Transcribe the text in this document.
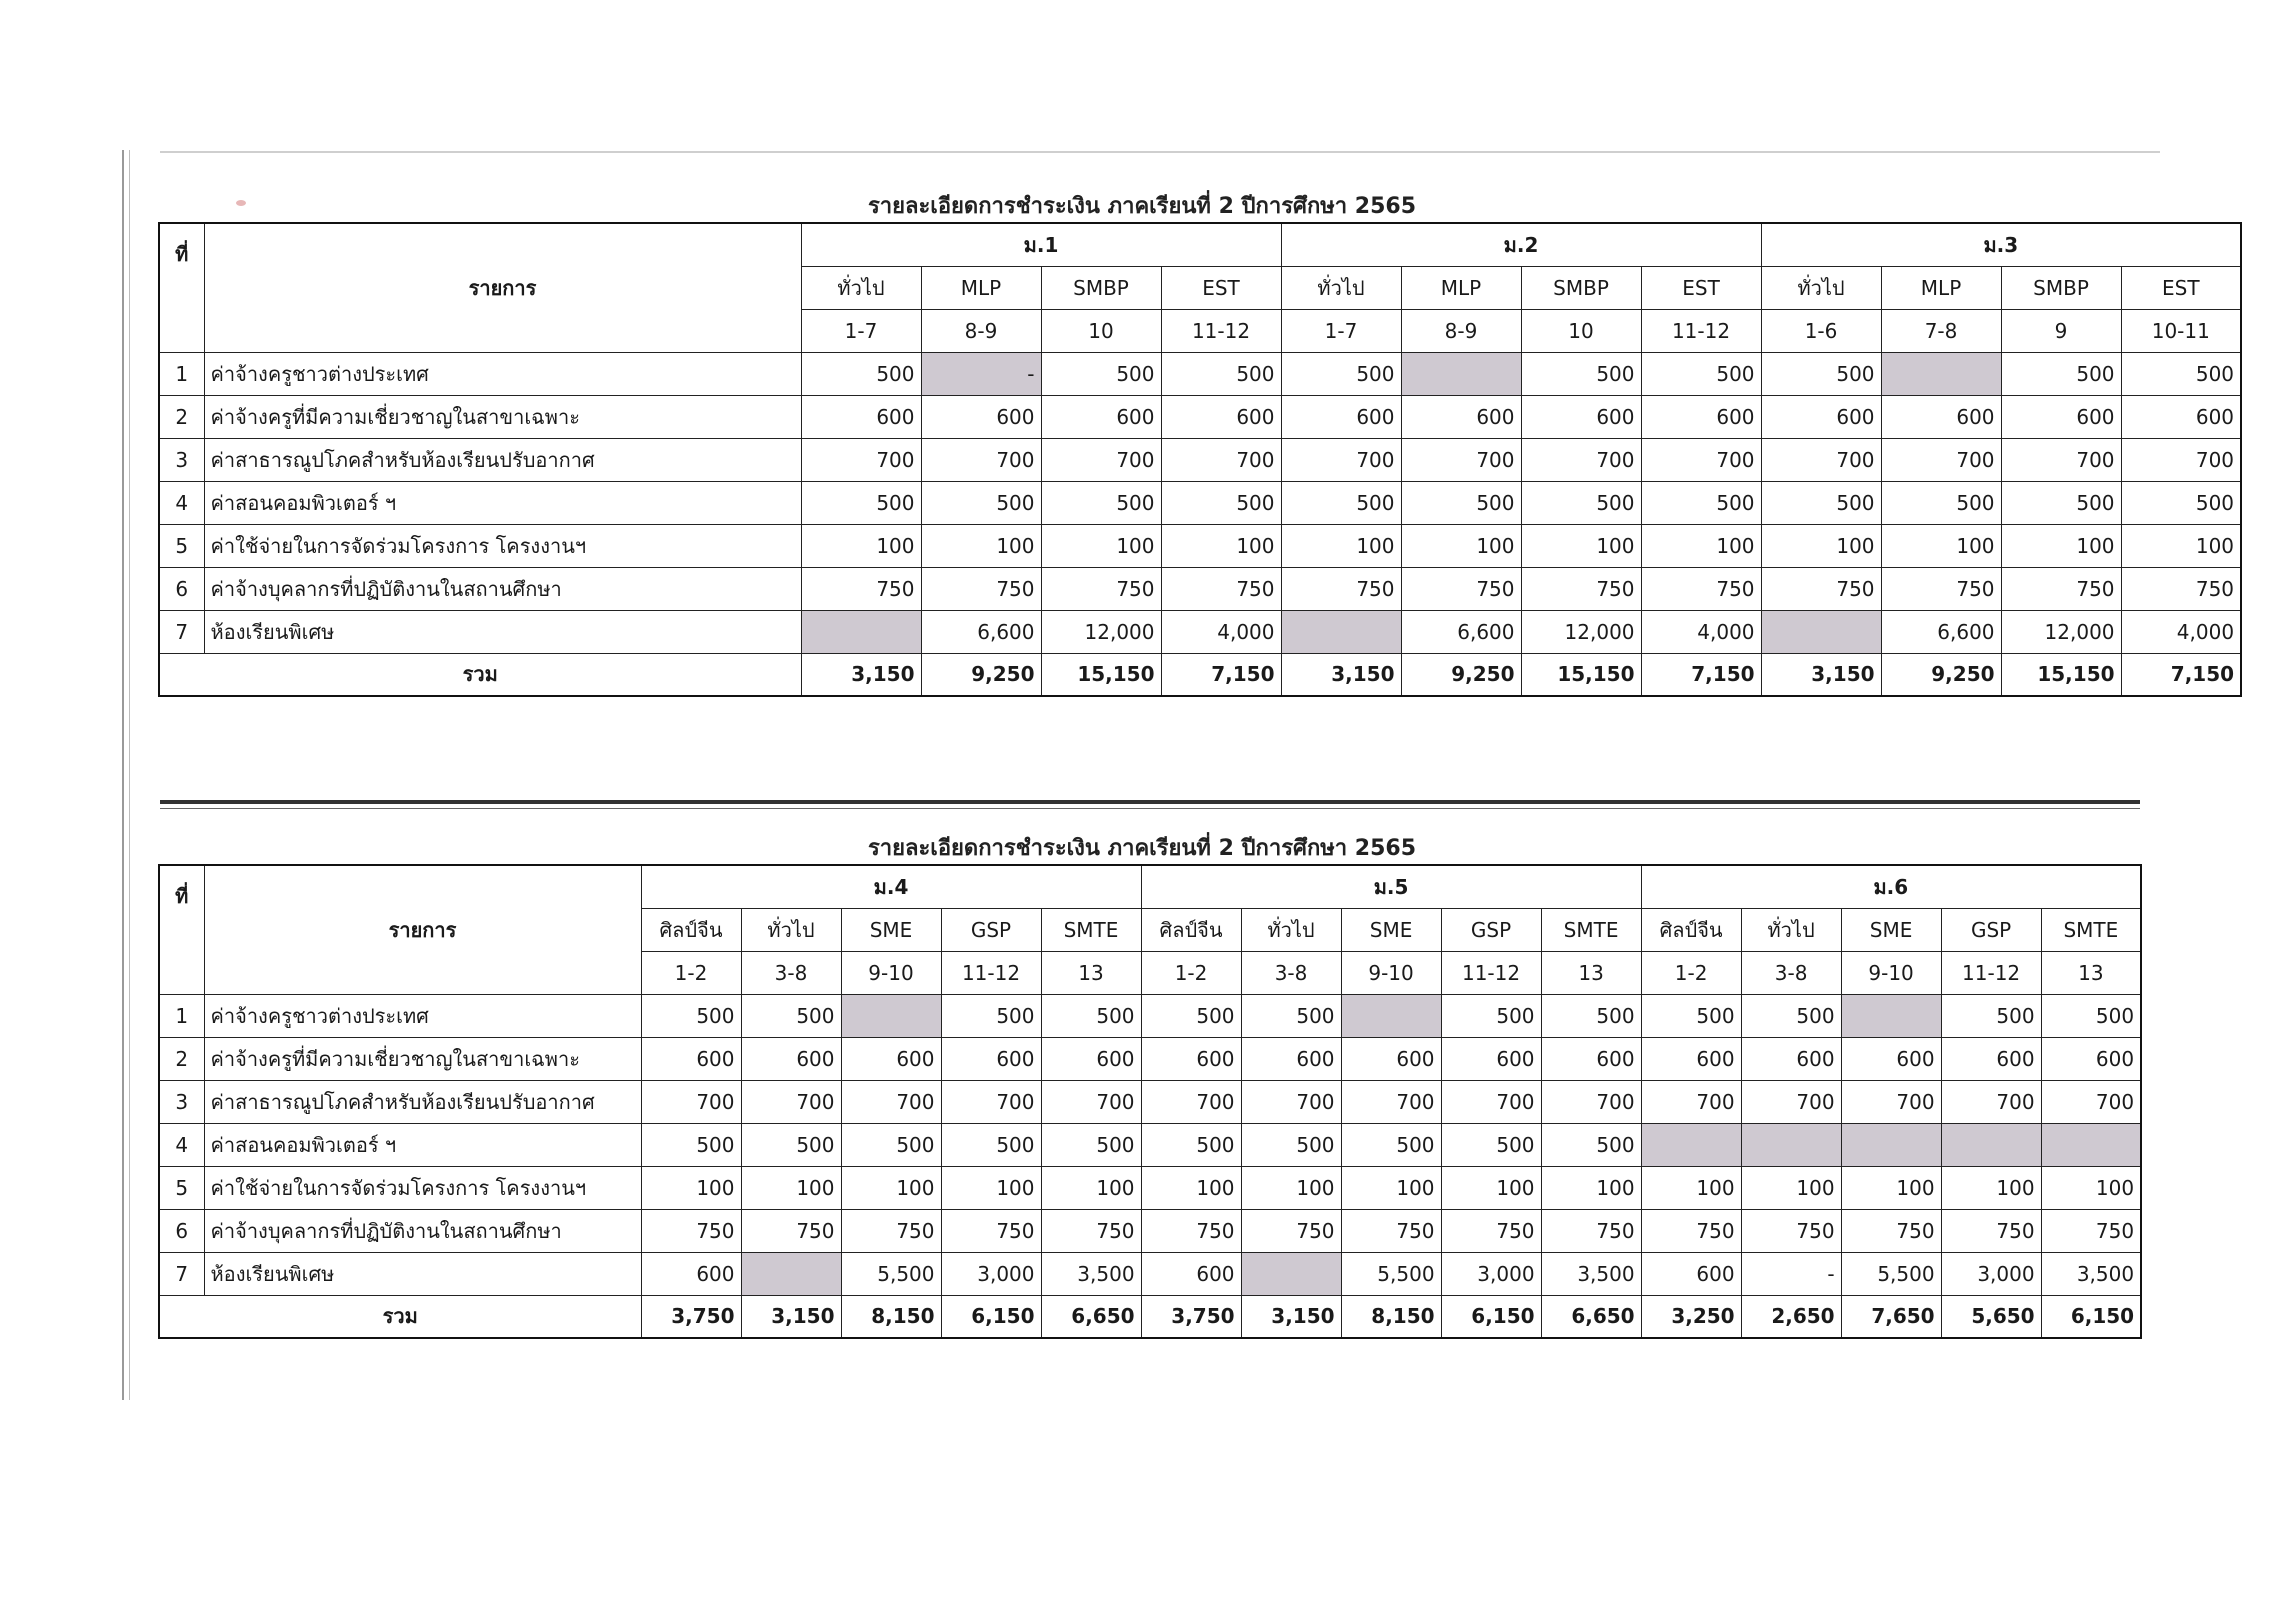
รายละเอียดการชำระเงิน ภาคเรียนที่ 2 ปีการศึกษา 2565
ที่	รายการ	ม.1				ม.2				ม.3			
		ทั่วไป	MLP	SMBP	EST	ทั่วไป	MLP	SMBP	EST	ทั่วไป	MLP	SMBP	EST
		1-7	8-9	10	11-12	1-7	8-9	10	11-12	1-6	7-8	9	10-11
1	ค่าจ้างครูชาวต่างประเทศ	500	-	500	500	500		500	500	500		500	500
2	ค่าจ้างครูที่มีความเชี่ยวชาญในสาขาเฉพาะ	600	600	600	600	600	600	600	600	600	600	600	600
3	ค่าสาธารณูปโภคสำหรับห้องเรียนปรับอากาศ	700	700	700	700	700	700	700	700	700	700	700	700
4	ค่าสอนคอมพิวเตอร์ ฯ	500	500	500	500	500	500	500	500	500	500	500	500
5	ค่าใช้จ่ายในการจัดร่วมโครงการ โครงงานฯ	100	100	100	100	100	100	100	100	100	100	100	100
6	ค่าจ้างบุคลากรที่ปฏิบัติงานในสถานศึกษา	750	750	750	750	750	750	750	750	750	750	750	750
7	ห้องเรียนพิเศษ		6,600	12,000	4,000		6,600	12,000	4,000		6,600	12,000	4,000
รวม		3,150	9,250	15,150	7,150	3,150	9,250	15,150	7,150	3,150	9,250	15,150	7,150
รายละเอียดการชำระเงิน ภาคเรียนที่ 2 ปีการศึกษา 2565
ที่	รายการ	ม.4					ม.5					ม.6				
		ศิลป์จีน	ทั่วไป	SME	GSP	SMTE	ศิลป์จีน	ทั่วไป	SME	GSP	SMTE	ศิลป์จีน	ทั่วไป	SME	GSP	SMTE
		1-2	3-8	9-10	11-12	13	1-2	3-8	9-10	11-12	13	1-2	3-8	9-10	11-12	13
1	ค่าจ้างครูชาวต่างประเทศ	500	500		500	500	500	500		500	500	500	500		500	500
2	ค่าจ้างครูที่มีความเชี่ยวชาญในสาขาเฉพาะ	600	600	600	600	600	600	600	600	600	600	600	600	600	600	600
3	ค่าสาธารณูปโภคสำหรับห้องเรียนปรับอากาศ	700	700	700	700	700	700	700	700	700	700	700	700	700	700	700
4	ค่าสอนคอมพิวเตอร์ ฯ	500	500	500	500	500	500	500	500	500	500					
5	ค่าใช้จ่ายในการจัดร่วมโครงการ โครงงานฯ	100	100	100	100	100	100	100	100	100	100	100	100	100	100	100
6	ค่าจ้างบุคลากรที่ปฏิบัติงานในสถานศึกษา	750	750	750	750	750	750	750	750	750	750	750	750	750	750	750
7	ห้องเรียนพิเศษ	600		5,500	3,000	3,500	600		5,500	3,000	3,500	600	-	5,500	3,000	3,500
รวม		3,750	3,150	8,150	6,150	6,650	3,750	3,150	8,150	6,150	6,650	3,250	2,650	7,650	5,650	6,150
